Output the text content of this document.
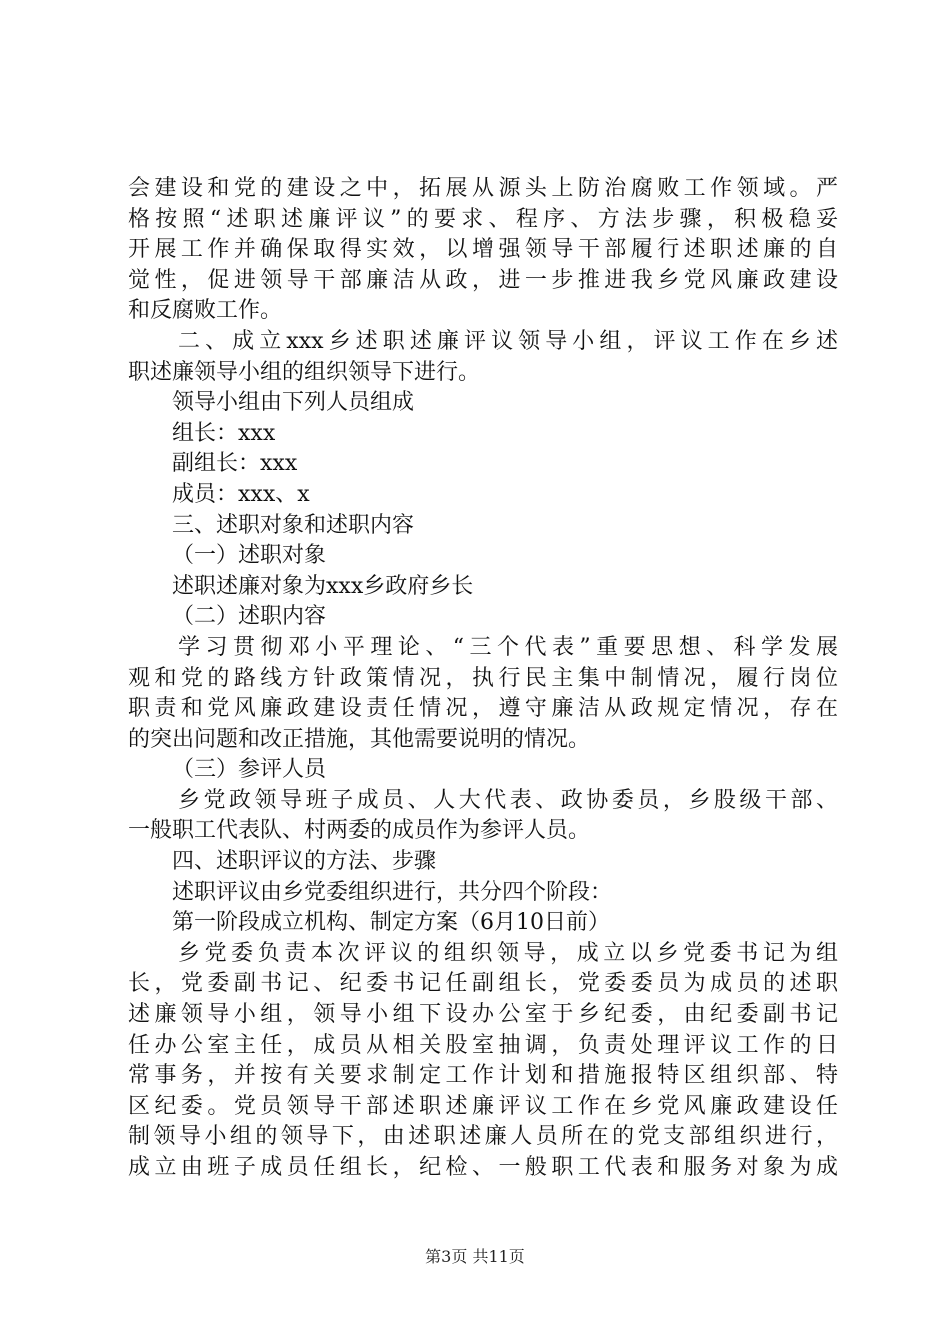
会建设和党的建设之中，拓展从源头上防治腐败工作领域。严
格按照“述职述廉评议”的要求、程序、方法步骤，积极稳妥
开展工作并确保取得实效，以增强领导干部履行述职述廉的自
觉性，促进领导干部廉洁从政，进一步推进我乡党风廉政建设
和反腐败工作。
二、成立xxx乡述职述廉评议领导小组，评议工作在乡述
职述廉领导小组的组织领导下进行。
领导小组由下列人员组成
组长：xxx
副组长：xxx
成员：xxx、x
三、述职对象和述职内容
（一）述职对象
述职述廉对象为xxx乡政府乡长
（二）述职内容
学习贯彻邓小平理论、“三个代表”重要思想、科学发展
观和党的路线方针政策情况，执行民主集中制情况，履行岗位
职责和党风廉政建设责任情况，遵守廉洁从政规定情况，存在
的突出问题和改正措施，其他需要说明的情况。
（三）参评人员
乡党政领导班子成员、人大代表、政协委员，乡股级干部、
一般职工代表队、村两委的成员作为参评人员。
四、述职评议的方法、步骤
述职评议由乡党委组织进行，共分四个阶段：
第一阶段成立机构、制定方案（6月10日前）
乡党委负责本次评议的组织领导，成立以乡党委书记为组
长，党委副书记、纪委书记任副组长，党委委员为成员的述职
述廉领导小组，领导小组下设办公室于乡纪委，由纪委副书记
任办公室主任，成员从相关股室抽调，负责处理评议工作的日
常事务，并按有关要求制定工作计划和措施报特区组织部、特
区纪委。党员领导干部述职述廉评议工作在乡党风廉政建设任
制领导小组的领导下，由述职述廉人员所在的党支部组织进行，
成立由班子成员任组长，纪检、一般职工代表和服务对象为成
第3页 共11页
